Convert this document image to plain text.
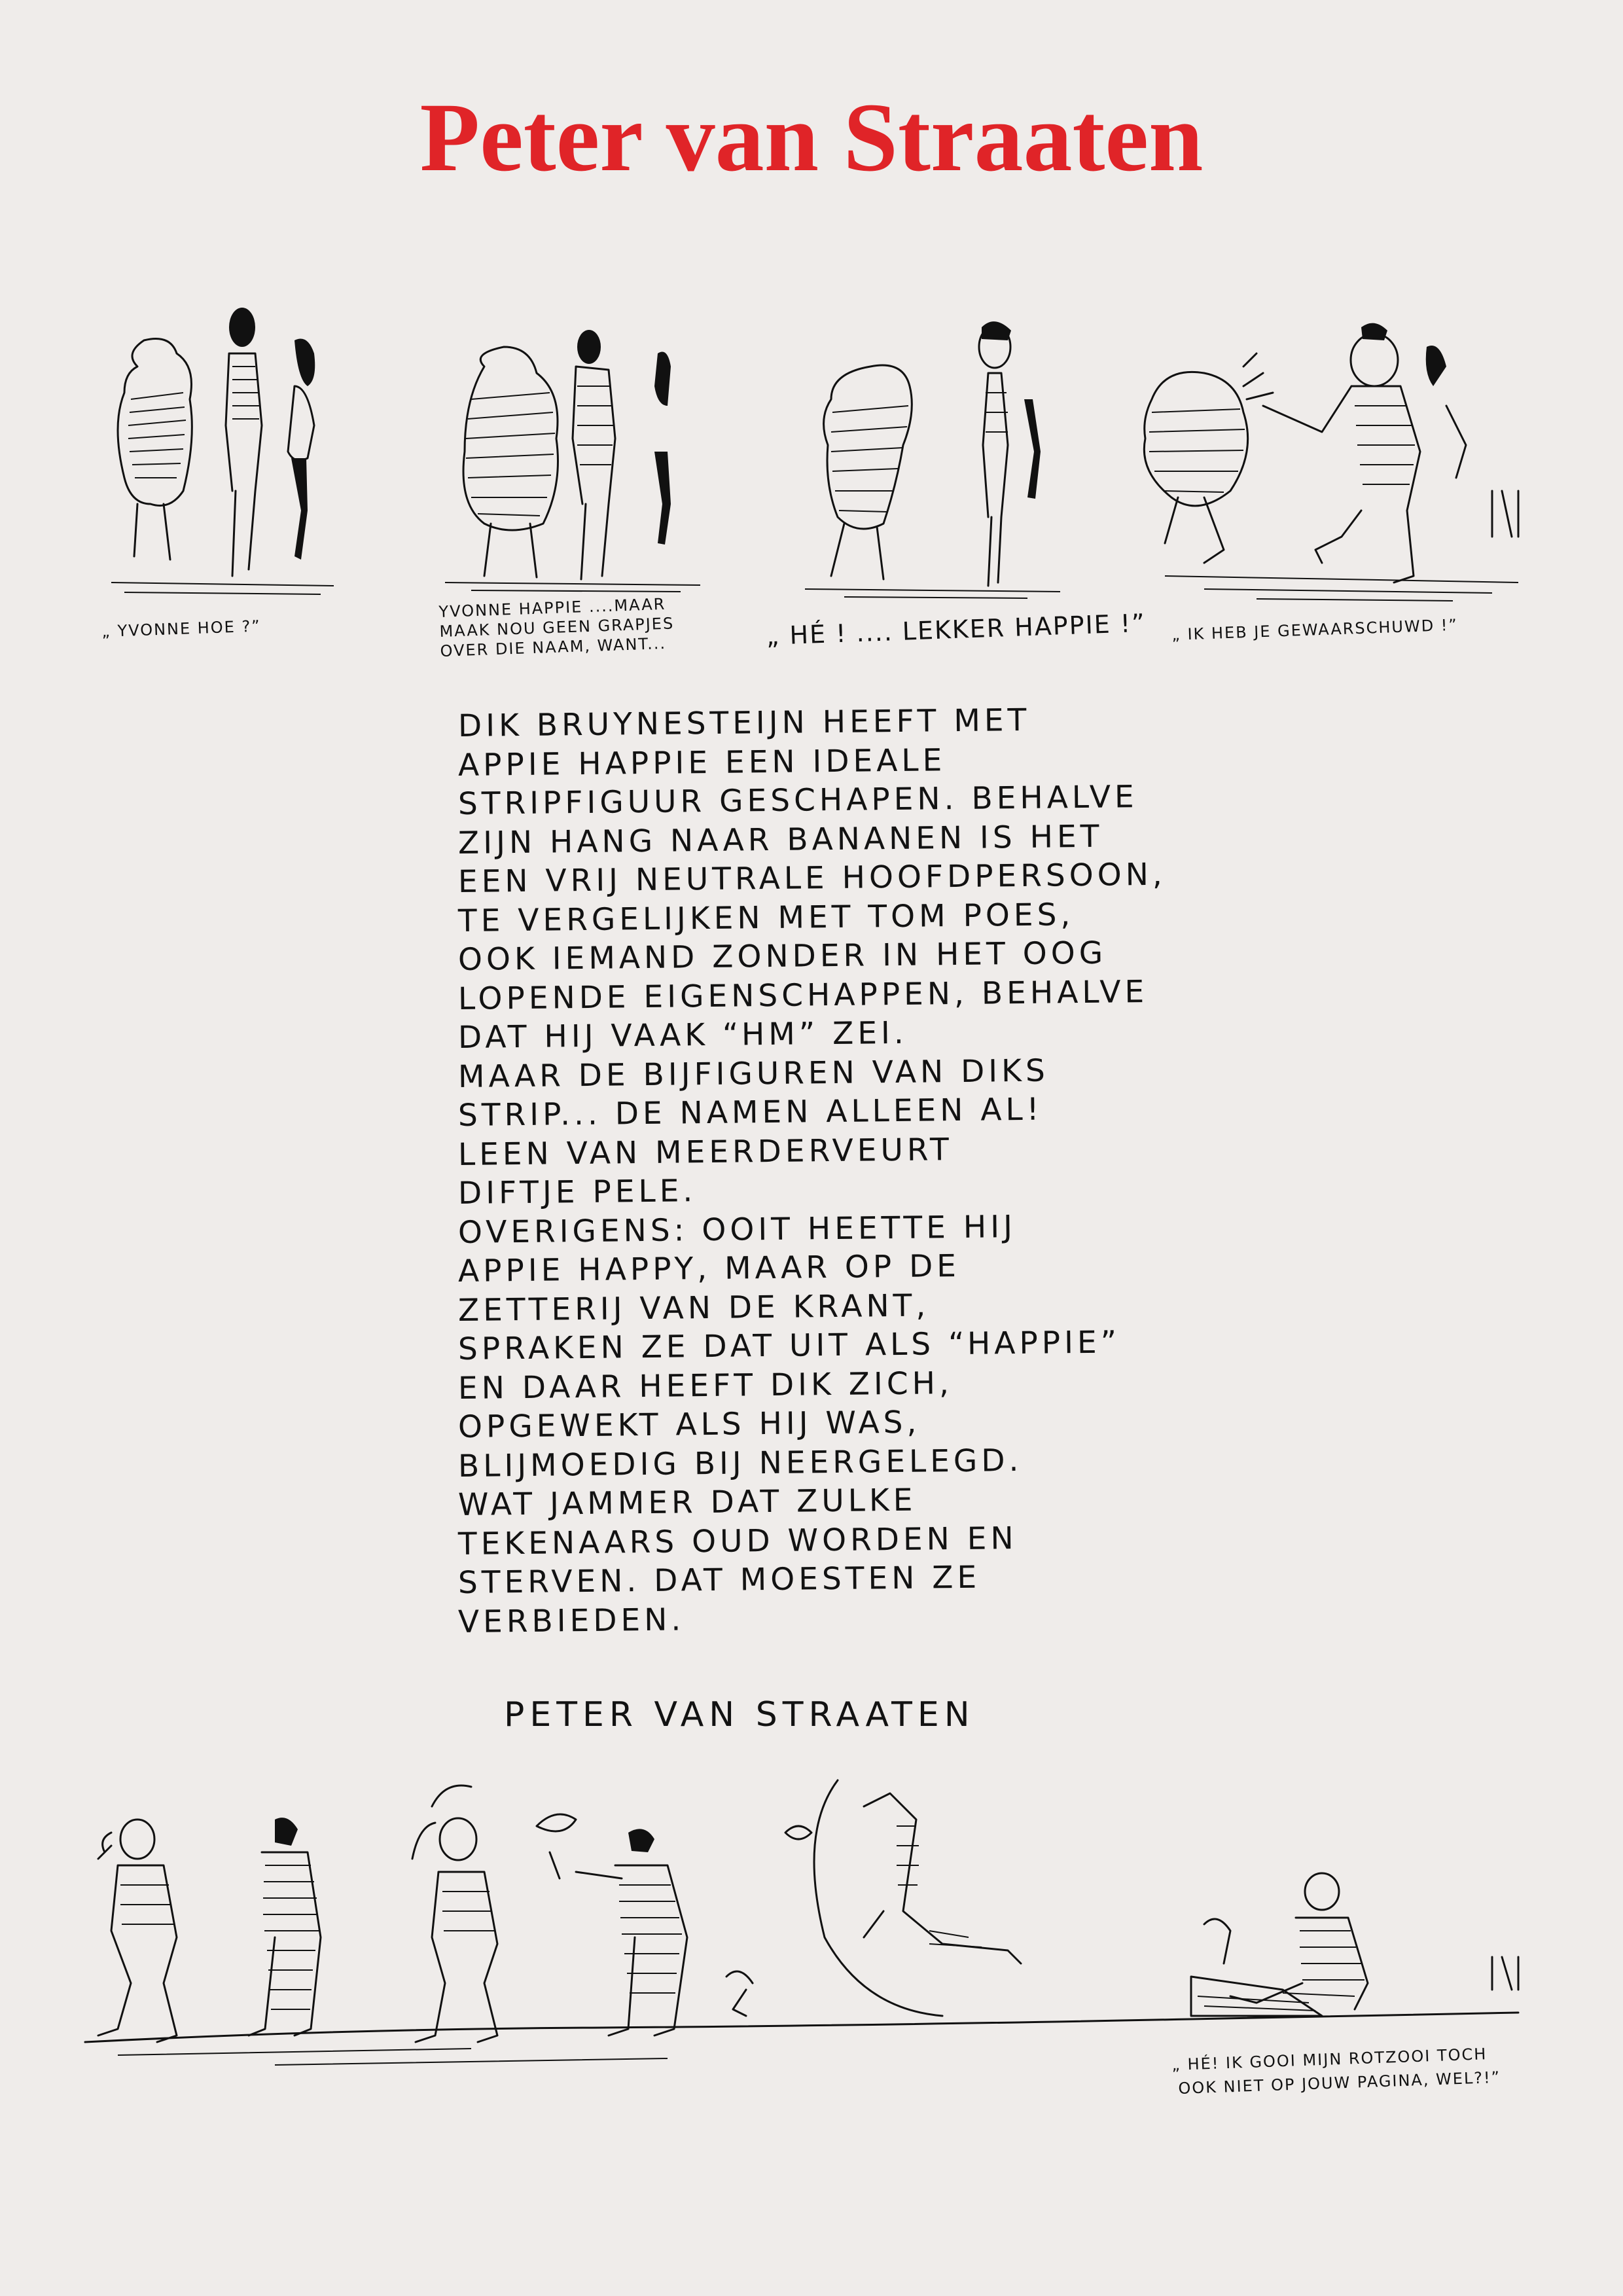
Peter van Straaten
„ YVONNE HOE ?”
YVONNE HAPPIE ....MAAR MAAK NOU GEEN GRAPJES OVER DIE NAAM, WANT...	„ HÉ ! .... LEKKER HAPPIE !” „ IK HEB JE GEWAARSCHUWD !”
DIK BRUYNESTEIJN HEEFT MET
APPIE HAPPIE EEN IDEALE
STRIPFIGUUR GESCHAPEN. BEHALVE
ZIJN HANG NAAR BANANEN IS HET
EEN VRIJ NEUTRALE HOOFDPERSOON,
TE VERGELIJKEN MET TOM POES,
OOK IEMAND ZONDER IN HET OOG
LOPENDE EIGENSCHAPPEN, BEHALVE
DAT HIJ VAAK “HM” ZEI.
MAAR DE BIJFIGUREN VAN DIKS
STRIP... DE NAMEN ALLEEN AL!
LEEN VAN MEERDERVEURT
DIFTJE PELE.
OVERIGENS: OOIT HEETTE HIJ
APPIE HAPPY, MAAR OP DE
ZETTERIJ VAN DE KRANT,
SPRAKEN ZE DAT UIT ALS “HAPPIE”
EN DAAR HEEFT DIK ZICH,
OPGEWEKT ALS HIJ WAS,
BLIJMOEDIG BIJ NEERGELEGD.
WAT JAMMER DAT ZULKE
TEKENAARS OUD WORDEN EN
STERVEN. DAT MOESTEN ZE
VERBIEDEN.
PETER VAN STRAATEN
„ HÉ! IK GOOI MIJN ROTZOOI TOCH
OOK NIET OP JOUW PAGINA, WEL?!”
